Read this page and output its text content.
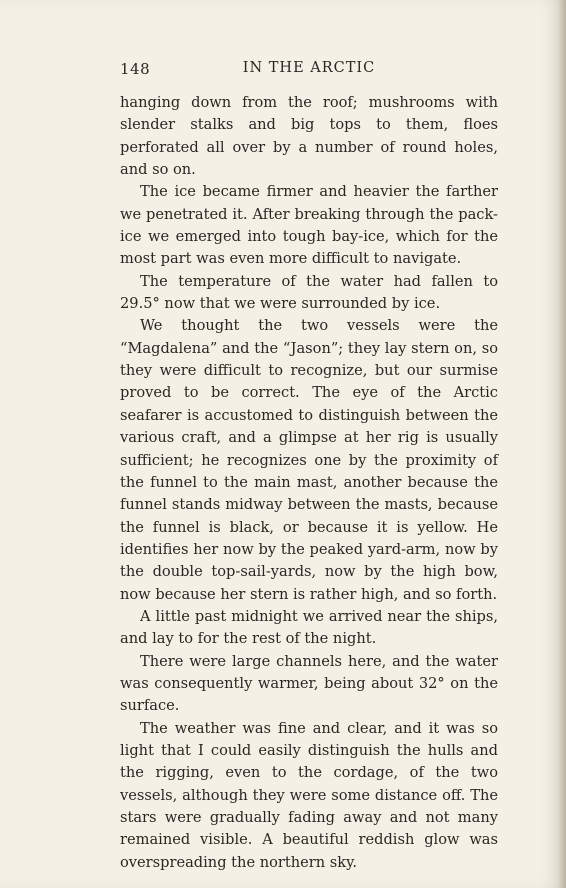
148	IN THE ARCTIC

hanging down from the roof; mushrooms with slender stalks and big tops to them, floes perforated all over by a number of round holes, and so on.

The ice became firmer and heavier the farther we penetrated it. After breaking through the pack-ice we emerged into tough bay-ice, which for the most part was even more difficult to navigate.

The temperature of the water had fallen to 29.5° now that we were surrounded by ice.

We thought the two vessels were the “Magdalena” and the “Jason”; they lay stern on, so they were difficult to recognize, but our surmise proved to be correct. The eye of the Arctic seafarer is accustomed to distinguish between the various craft, and a glimpse at her rig is usually sufficient; he recognizes one by the proximity of the funnel to the main mast, another because the funnel stands midway between the masts, because the funnel is black, or because it is yellow. He identifies her now by the peaked yard-arm, now by the double top-sail-yards, now by the high bow, now because her stern is rather high, and so forth.

A little past midnight we arrived near the ships, and lay to for the rest of the night.

There were large channels here, and the water was consequently warmer, being about 32° on the surface.

The weather was fine and clear, and it was so light that I could easily distinguish the hulls and the rigging, even to the cordage, of the two vessels, although they were some distance off. The stars were gradually fading away and not many remained visible. A beautiful reddish glow was overspreading the northern sky.
